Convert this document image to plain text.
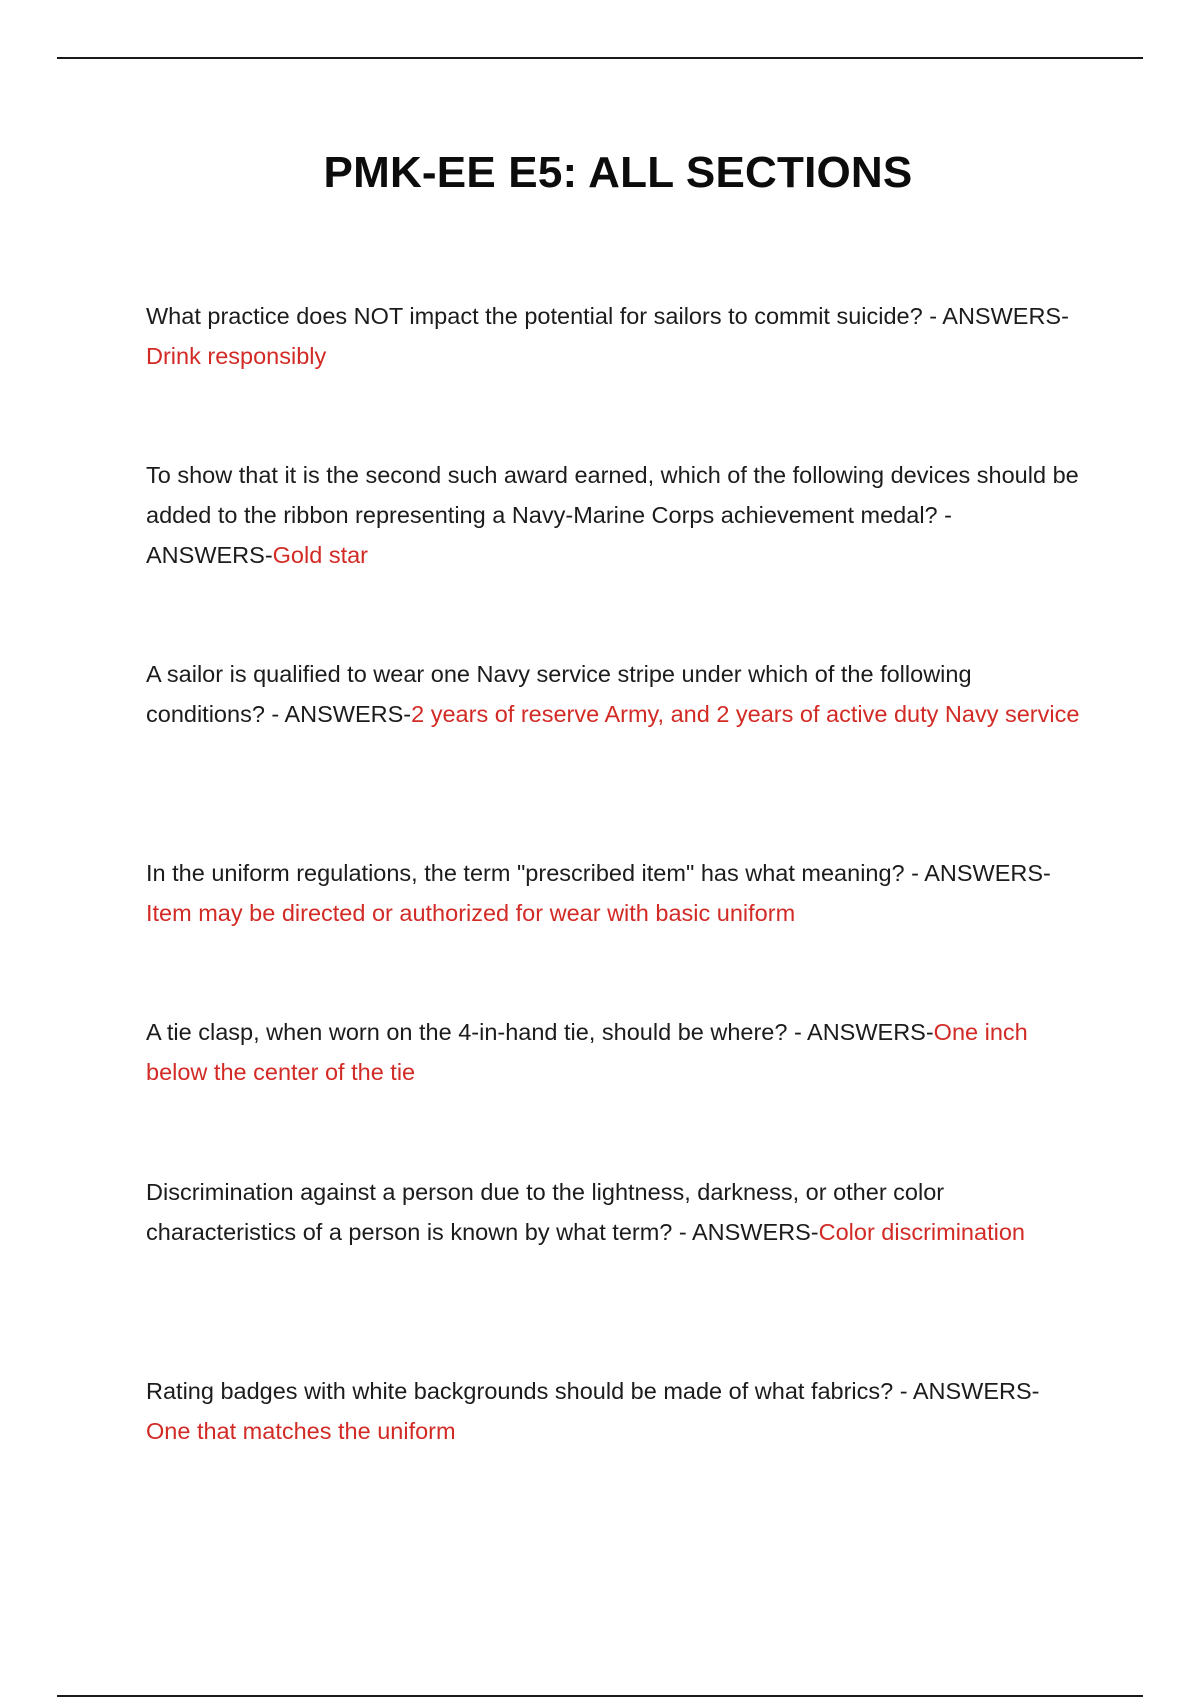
PMK-EE E5: ALL SECTIONS

What practice does NOT impact the potential for sailors to commit suicide? - ANSWERS-Drink responsibly

To show that it is the second such award earned, which of the following devices should be added to the ribbon representing a Navy-Marine Corps achievement medal? - ANSWERS-Gold star

A sailor is qualified to wear one Navy service stripe under which of the following conditions? - ANSWERS-2 years of reserve Army, and 2 years of active duty Navy service

In the uniform regulations, the term "prescribed item" has what meaning? - ANSWERS-Item may be directed or authorized for wear with basic uniform

A tie clasp, when worn on the 4-in-hand tie, should be where? - ANSWERS-One inch below the center of the tie

Discrimination against a person due to the lightness, darkness, or other color characteristics of a person is known by what term? - ANSWERS-Color discrimination

Rating badges with white backgrounds should be made of what fabrics? - ANSWERS-One that matches the uniform
